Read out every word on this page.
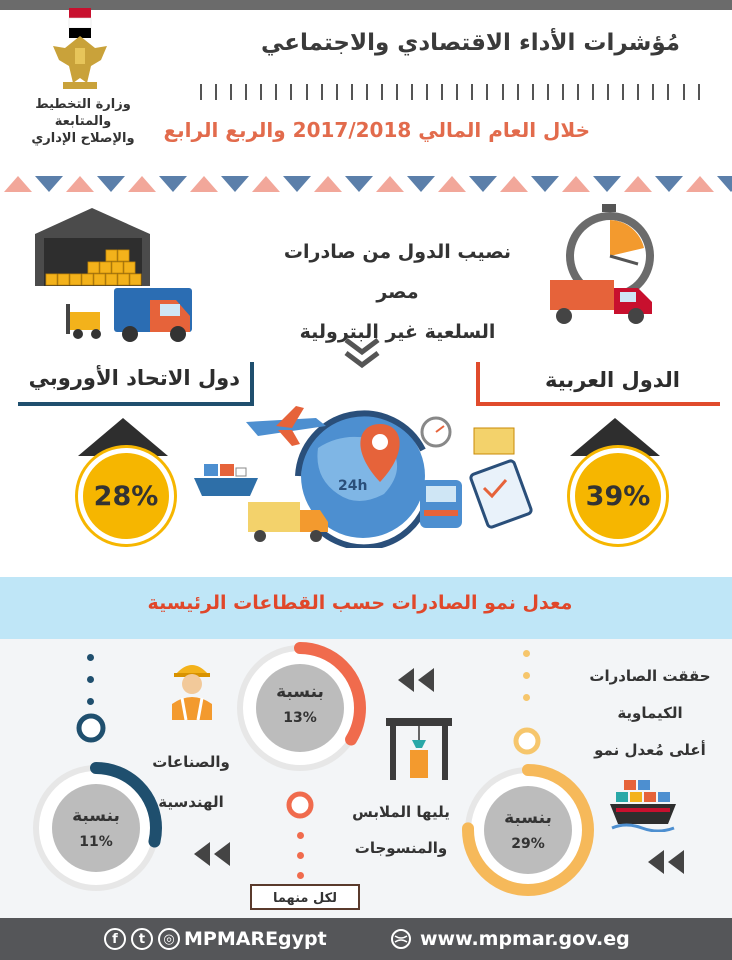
وزارة التخطيط والمتابعة
والإصلاح الإداري
مُؤشرات الأداء الاقتصادي والاجتماعي
خلال العام المالي 2017/2018 والربع الرابع
نصيب الدول من صادرات مصر
السلعية غير البترولية
دول الاتحاد الأوروبي	الدول العربية
28%	39%
24h
معدل نمو الصادرات حسب القطاعات الرئيسية
بنسبة
29%
بنسبة
13%
بنسبة
11%
حققت الصادرات
الكيماوية
أعلى مُعدل نمو
يليها الملابس
والمنسوجات
والصناعات
الهندسية
لكل منهما
f	t	◎ MPMAREgypt	www.mpmar.gov.eg
